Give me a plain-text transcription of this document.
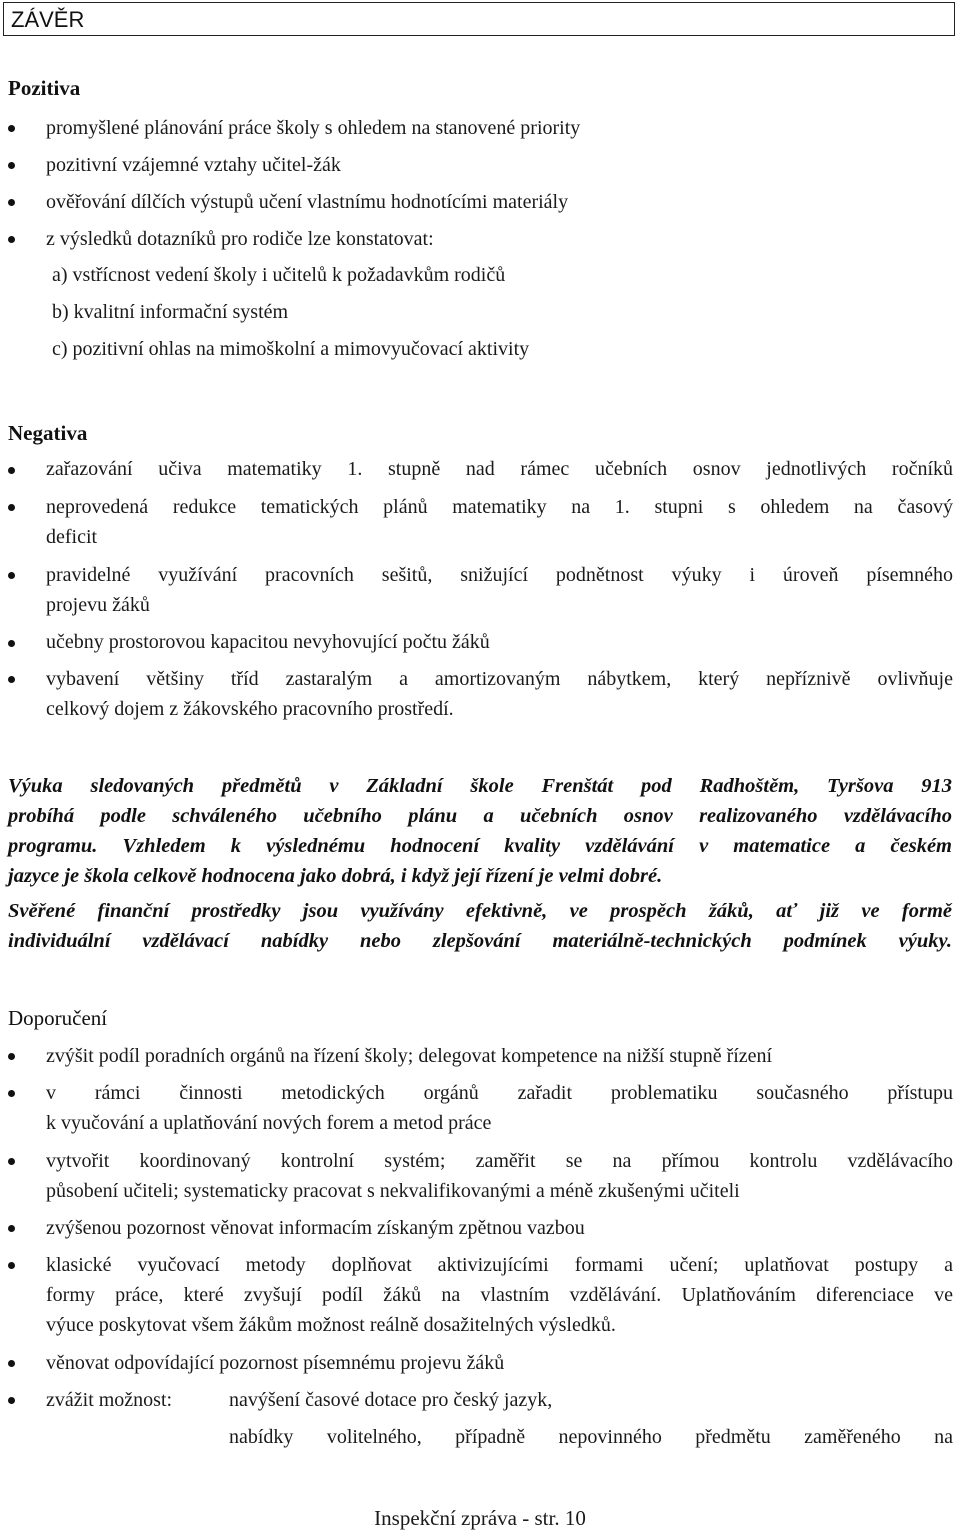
ZÁVĚR
Pozitiva
promyšlené plánování práce školy s ohledem na stanovené priority
pozitivní vzájemné vztahy učitel-žák
ověřování dílčích výstupů učení vlastnímu hodnotícími materiály
z výsledků dotazníků pro rodiče lze konstatovat:
a) vstřícnost vedení školy i učitelů k požadavkům rodičů
b) kvalitní informační systém
c) pozitivní ohlas na mimoškolní a mimovyučovací aktivity
Negativa
zařazování učiva matematiky 1. stupně nad rámec učebních osnov jednotlivých ročníků
neprovedená redukce tematických plánů matematiky na 1. stupni s ohledem na časový
deficit
pravidelné využívání pracovních sešitů, snižující podnětnost výuky i úroveň písemného
projevu žáků
učebny prostorovou kapacitou nevyhovující počtu žáků
vybavení většiny tříd zastaralým a amortizovaným nábytkem, který nepříznivě ovlivňuje
celkový dojem z žákovského pracovního prostředí.
Výuka sledovaných předmětů v Základní škole Frenštát pod Radhoštěm, Tyršova 913
probíhá podle schváleného učebního plánu a učebních osnov realizovaného vzdělávacího
programu. Vzhledem k výslednému hodnocení kvality vzdělávání v matematice a českém
jazyce je škola celkově hodnocena jako dobrá, i když její řízení je velmi dobré.
Svěřené finanční prostředky jsou využívány efektivně, ve prospěch žáků, ať již ve formě
individuální vzdělávací nabídky nebo zlepšování materiálně-technických podmínek výuky.
Doporučení
zvýšit podíl poradních orgánů na řízení školy; delegovat kompetence na nižší stupně řízení
v rámci činnosti metodických orgánů zařadit problematiku současného přístupu
k vyučování a uplatňování nových forem a metod práce
vytvořit koordinovaný kontrolní systém; zaměřit se na přímou kontrolu vzdělávacího
působení učiteli; systematicky pracovat s nekvalifikovanými a méně zkušenými učiteli
zvýšenou pozornost věnovat informacím získaným zpětnou vazbou
klasické vyučovací metody doplňovat aktivizujícími formami učení; uplatňovat postupy a
formy práce, které zvyšují podíl žáků na vlastním vzdělávání. Uplatňováním diferenciace ve
výuce poskytovat všem žákům možnost reálně dosažitelných výsledků.
věnovat odpovídající pozornost písemnému projevu žáků
zvážit možnost:	navýšení časové dotace pro český jazyk,
nabídky volitelného, případně nepovinného předmětu zaměřeného na
Inspekční zpráva - str. 10
